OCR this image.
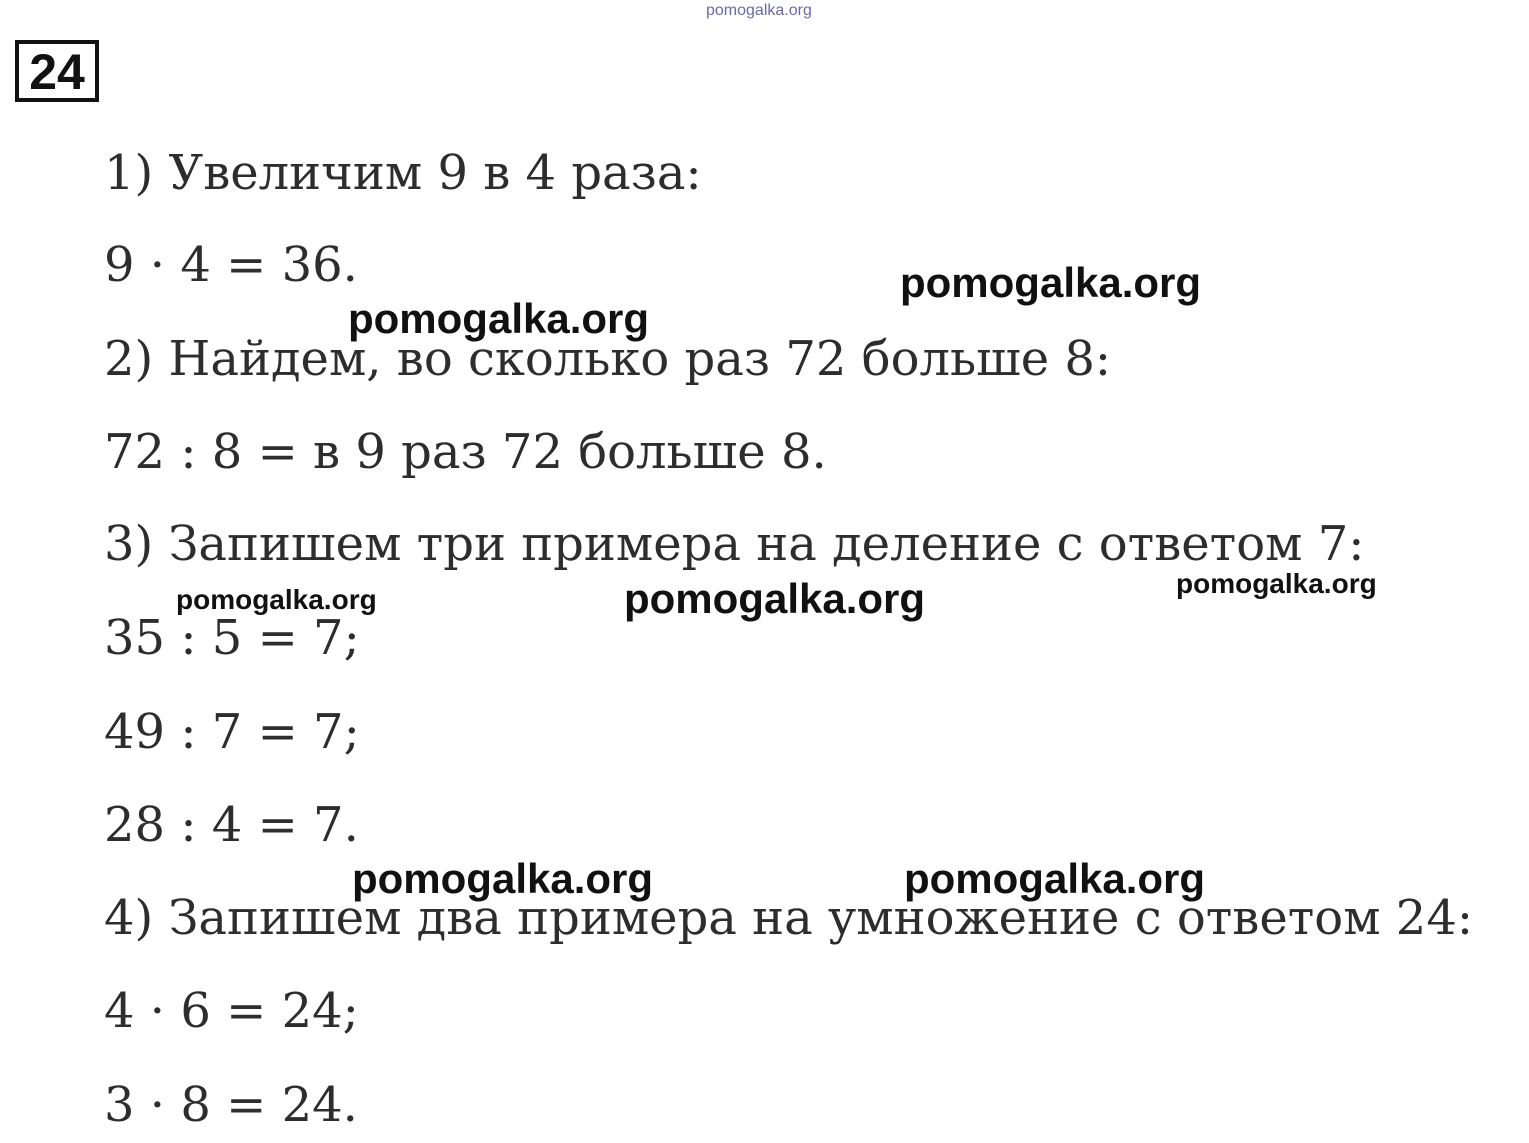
pomogalka.org
24
1) Увеличим 9 в 4 раза:
9 · 4 = 36.
2) Найдем, во сколько раз 72 больше 8:
72 : 8 = в 9 раз 72 больше 8.
3) Запишем три примера на деление с ответом 7:
35 : 5 = 7;
49 : 7 = 7;
28 : 4 = 7.
4) Запишем два примера на умножение с ответом 24:
4 · 6 = 24;
3 · 8 = 24.
pomogalka.org
pomogalka.org
pomogalka.org	pomogalka.org	pomogalka.org
pomogalka.org	pomogalka.org
